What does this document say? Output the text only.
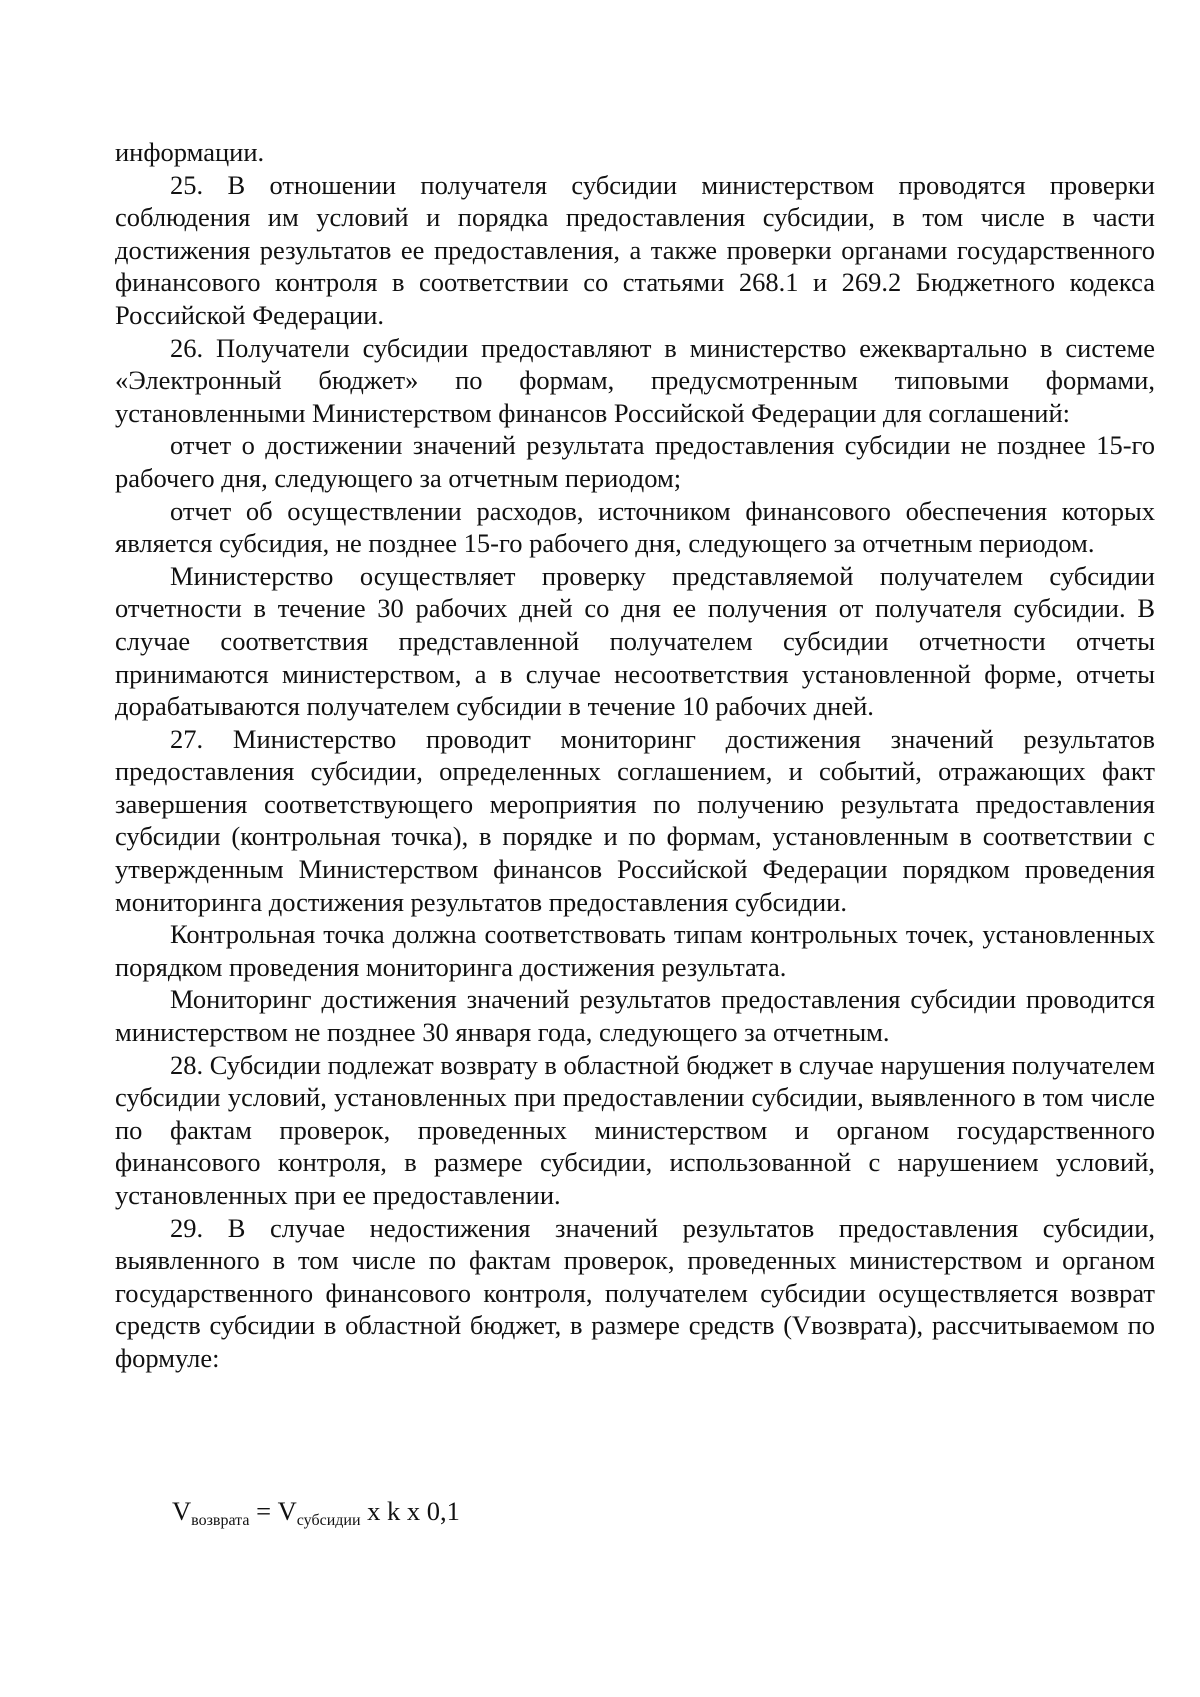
информации.

25. В отношении получателя субсидии министерством проводятся проверки соблюдения им условий и порядка предоставления субсидии, в том числе в части достижения результатов ее предоставления, а также проверки органами государственного финансового контроля в соответствии со статьями 268.1 и 269.2 Бюджетного кодекса Российской Федерации.

26. Получатели субсидии предоставляют в министерство ежеквартально в системе «Электронный бюджет» по формам, предусмотренным типовыми формами, установленными Министерством финансов Российской Федерации для соглашений:

отчет о достижении значений результата предоставления субсидии не позднее 15-го рабочего дня, следующего за отчетным периодом;

отчет об осуществлении расходов, источником финансового обеспечения которых является субсидия, не позднее 15-го рабочего дня, следующего за отчетным периодом.

Министерство осуществляет проверку представляемой получателем субсидии отчетности в течение 30 рабочих дней со дня ее получения от получателя субсидии. В случае соответствия представленной получателем субсидии отчетности отчеты принимаются министерством, а в случае несоответствия установленной форме, отчеты дорабатываются получателем субсидии в течение 10 рабочих дней.

27. Министерство проводит мониторинг достижения значений результатов предоставления субсидии, определенных соглашением, и событий, отражающих факт завершения соответствующего мероприятия по получению результата предоставления субсидии (контрольная точка), в порядке и по формам, установленным в соответствии с утвержденным Министерством финансов Российской Федерации порядком проведения мониторинга достижения результатов предоставления субсидии.

Контрольная точка должна соответствовать типам контрольных точек, установленных порядком проведения мониторинга достижения результата.

Мониторинг достижения значений результатов предоставления субсидии проводится министерством не позднее 30 января года, следующего за отчетным.

28. Субсидии подлежат возврату в областной бюджет в случае нарушения получателем субсидии условий, установленных при предоставлении субсидии, выявленного в том числе по фактам проверок, проведенных министерством и органом государственного финансового контроля, в размере субсидии, использованной с нарушением условий, установленных при ее предоставлении.

29. В случае недостижения значений результатов предоставления субсидии, выявленного в том числе по фактам проверок, проведенных министерством и органом государственного финансового контроля, получателем субсидии осуществляется возврат средств субсидии в областной бюджет, в размере средств (Vвозврата), рассчитываемом по формуле:

$V_{возврата} = V_{субсидии}$ x k x 0,1
